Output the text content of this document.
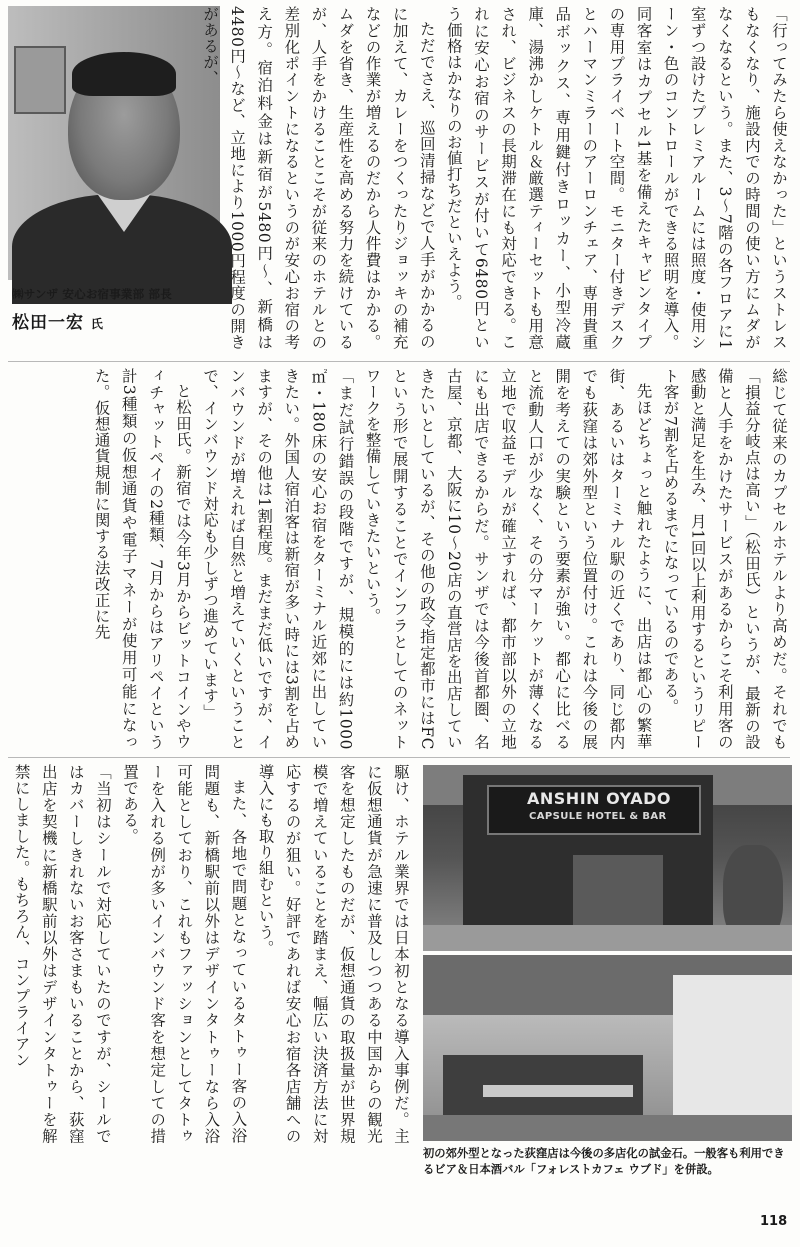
㈱サンザ 安心お宿事業部 部長
松田一宏 氏	「行ってみたら使えなかった」というストレスもなくなり、施設内での時間の使い方にムダがなくなるという。また、3〜7階の各フロアに1室ずつ設けたプレミアルームには照度・使用シーン・色のコントロールができる照明を導入。同客室はカプセル1基を備えたキャビンタイプの専用プライベート空間。モニター付きデスクとハーマンミラーのアーロンチェア、専用貴重品ボックス、専用鍵付きロッカー、小型冷蔵庫、湯沸かしケトル＆厳選ティーセットも用意され、ビジネスの長期滞在にも対応できる。これに安心お宿のサービスが付いて6480円という価格はかなりのお値打ちだといえよう。

ただでさえ、巡回清掃などで人手がかかるのに加えて、カレーをつくったりジョッキの補充などの作業が増えるのだから人件費はかかる。ムダを省き、生産性を高める努力を続けているが、人手をかけることこそが従来のホテルとの差別化ポイントになるというのが安心お宿の考え方。宿泊料金は新宿が5480円〜、新橋は4480円〜など、立地により1000円程度の開きがあるが、

総じて従来のカプセルホテルより高めだ。それでも「損益分岐点は高い」（松田氏）というが、最新の設備と人手をかけたサービスがあるからこそ利用客の感動と満足を生み、月1回以上利用するというリピート客が7割を占めるまでになっているのである。

先ほどちょっと触れたように、出店は都心の繁華街、あるいはターミナル駅の近くであり、同じ都内でも荻窪は郊外型という位置付け。これは今後の展開を考えての実験という要素が強い。都心に比べると流動人口が少なく、その分マーケットが薄くなる立地で収益モデルが確立すれば、都市部以外の立地にも出店できるからだ。サンザでは今後首都圏、名古屋、京都、大阪に10〜20店の直営店を出店していきたいとしているが、その他の政令指定都市にはFCという形で展開することでインフラとしてのネットワークを整備していきたいという。

「まだ試行錯誤の段階ですが、規模的には約1000㎡・180床の安心お宿をターミナル近郊に出していきたい。外国人宿泊客は新宿が多い時には3割を占めますが、その他は1割程度。まだまだ低いですが、インバウンドが増えれば自然と増えていくということで、インバウンド対応も少しずつ進めています」

と松田氏。新宿では今年3月からビットコインやウィチャットペイの2種類、7月からはアリペイという計3種類の仮想通貨や電子マネーが使用可能になった。仮想通貨規制に関する法改正に先

駆け、ホテル業界では日本初となる導入事例だ。主に仮想通貨が急速に普及しつつある中国からの観光客を想定したものだが、仮想通貨の取扱量が世界規模で増えていることを踏まえ、幅広い決済方法に対応するのが狙い。好評であれば安心お宿各店舗への導入にも取り組むという。

また、各地で問題となっているタトゥー客の入浴問題も、新橋駅前以外はデザインタトゥーなら入浴可能としており、これもファッションとしてタトゥーを入れる例が多いインバウンド客を想定しての措置である。

「当初はシールで対応していたのですが、シールではカバーしきれないお客さまもいることから、荻窪出店を契機に新橋駅前以外はデザインタトゥーを解禁にしました。もちろん、コンプライアン	ANSHIN OYADO
CAPSULE HOTEL & BAR
初の郊外型となった荻窪店は今後の多店化の試金石。一般客も利用できるビア＆日本酒バル「フォレストカフェ ウブド」を併設。
118
